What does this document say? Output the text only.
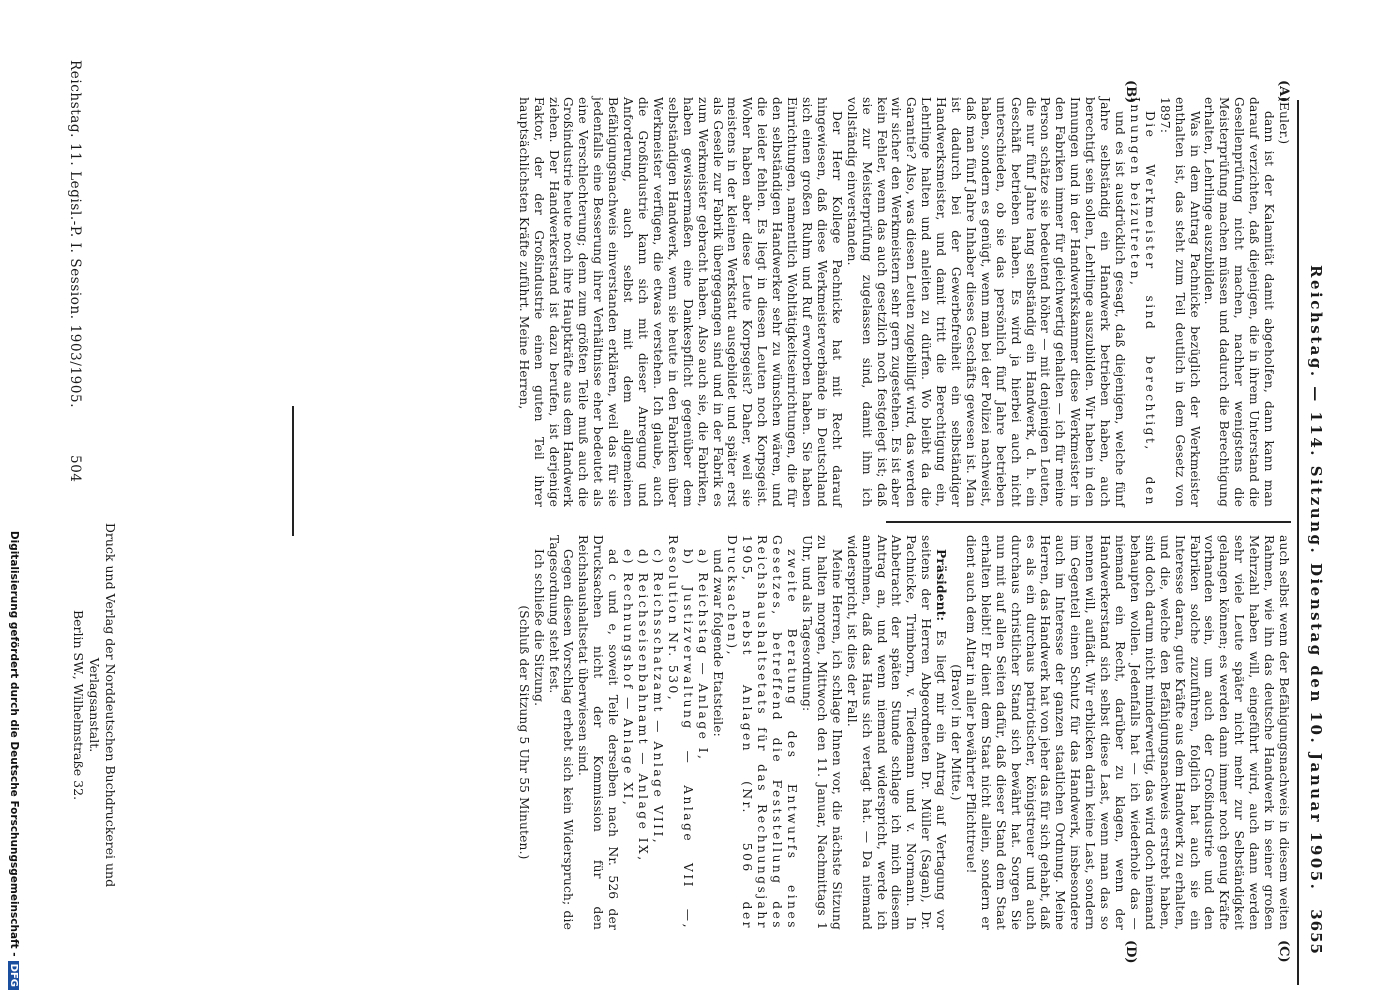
3655
Reichstag. — 114. Sitzung. Dienstag den 10. Januar 1905.
(A)
(B)
(C)
(D)

(Euler.)

dann ist der Kalamität damit abgeholfen, dann kann man darauf verzichten, daß diejenigen, die in ihrem Unterstand die Gesellenprüfung nicht machen, nachher wenigstens die Meisterprüfung machen müssen und dadurch die Berechtigung erhalten, Lehrlinge auszubilden.

Was in dem Antrag Pachnicke bezüglich der Werkmeister enthalten ist, das steht zum Teil deutlich in dem Gesetz von 1897:

Die Werkmeister sind berechtigt, den Innungen beizutreten,

und es ist ausdrücklich gesagt, daß diejenigen, welche fünf Jahre selbständig ein Handwerk betrieben haben, auch berechtigt sein sollen, Lehrlinge auszubilden. Wir haben in den Innungen und in der Handwerkskammer diese Werkmeister in den Fabriken immer für gleichwertig gehalten — ich für meine Person schätze sie bedeutend höher — mit denjenigen Leuten, die nur fünf Jahre lang selbständig ein Handwerk, d. h. ein Geschäft betrieben haben. Es wird ja hierbei auch nicht unterschieden, ob sie das persönlich fünf Jahre betrieben haben, sondern es genügt, wenn man bei der Polizei nachweist, daß man fünf Jahre Inhaber dieses Geschäfts gewesen ist. Man ist dadurch bei der Gewerbefreiheit ein selbständiger Handwerksmeister, und damit tritt die Berechtigung ein, Lehrlinge halten und anleiten zu dürfen. Wo bleibt da die Garantie? Also, was diesen Leuten zugebilligt wird, das werden wir sicher den Werkmeistern sehr gern zugestehen. Es ist aber kein Fehler, wenn das auch gesetzlich noch festgelegt ist; daß sie zur Meisterprüfung zugelassen sind, damit ihm ich vollständig einverstanden.

Der Herr Kollege Pachnicke hat mit Recht darauf hingewiesen, daß diese Werkmeisterverbände in Deutschland sich einen großen Ruhm und Ruf erworben haben. Sie haben Einrichtungen, namentlich Wohltätigkeitseinrichtungen, die für den selbständigen Handwerker sehr zu wünschen wären, und die leider fehlen. Es liegt in diesen Leuten noch Korpsgeist. Woher haben aber diese Leute Korpsgeist? Daher, weil sie meistens in der kleinen Werkstatt ausgebildet und später erst als Geselle zur Fabrik übergegangen sind und in der Fabrik es zum Werkmeister gebracht haben. Also auch sie, die Fabriken, haben gewissermaßen eine Dankespflicht gegenüber dem selbständigen Handwerk, wenn sie heute in den Fabriken über Werkmeister verfügen, die etwas verstehen. Ich glaube, auch die Großindustrie kann sich mit dieser Anregung und Anforderung, auch selbst mit dem allgemeinen Befähigungsnachweis einverstanden erklären, weil das für sie jedenfalls eine Besserung ihrer Verhältnisse eher bedeutet als eine Verschlechterung; denn zum größten Teile muß auch die Großindustrie heute noch ihre Hauptkräfte aus dem Handwerk ziehen. Der Handwerkerstand ist dazu berufen, ist derjenige Faktor, der der Großindustrie einen guten Teil ihrer hauptsächlichsten Kräfte zuführt. Meine Herren,

auch selbst wenn der Befähigungsnachweis in diesem weiten Rahmen, wie ihn das deutsche Handwerk in seiner großen Mehrzahl haben will, eingeführt wird, auch dann werden sehr viele Leute später nicht mehr zur Selbständigkeit gelangen können; es werden dann immer noch genug Kräfte vorhanden sein, um auch der Großindustrie und den Fabriken solche zuzuführen, folglich hat auch sie ein Interesse daran, gute Kräfte aus dem Handwerk zu erhalten, und die, welche den Befähigungsnachweis erstrebt haben, sind doch darum nicht minderwertig, das wird doch niemand behaupten wollen. Jedenfalls hat — ich wiederhole das — niemand ein Recht, darüber zu klagen, wenn der Handwerkerstand sich selbst diese Last, wenn man das so nennen will, auflädt. Wir erblicken darin keine Last, sondern im Gegenteil einen Schutz für das Handwerk, insbesondere auch im Interesse der ganzen staatlichen Ordnung. Meine Herren, das Handwerk hat von jeher das für sich gehabt, daß es als ein durchaus patriotischer, königstreuer und auch durchaus christlicher Stand sich bewährt hat. Sorgen Sie nun mit auf allen Seiten dafür, daß dieser Stand dem Staat erhalten bleibt! Er dient dem Staat nicht allein, sondern er dient auch dem Altar in aller bewährter Pflichttreue!

(Bravo! in der Mitte.)

Präsident: Es liegt mir ein Antrag auf Vertagung vor seitens der Herren Abgeordneten Dr. Müller (Sagan), Dr. Pachnicke, Trimborn, v. Tiedemann und v. Normann. In Anbetracht der späten Stunde schlage ich mich diesem Antrag an, und wenn niemand widerspricht, werde ich annehmen, daß das Haus sich vertagt hat. — Da niemand widerspricht, ist dies der Fall.

Meine Herren, ich schlage Ihnen vor, die nächste Sitzung zu halten morgen, Mittwoch den 11. Januar, Nachmittags 1 Uhr, und als Tagesordnung:

zweite Beratung des Entwurfs eines Gesetzes, betreffend die Feststellung des Reichshaushaltsetats für das Rechnungsjahr 1905, nebst Anlagen (Nr. 506 der Drucksachen),

und zwar folgende Etatsteile:

a) Reichstag — Anlage I,

b) Justizverwaltung — Anlage VII —, Resolution Nr. 530,

c) Reichsschatzamt — Anlage VIII,

d) Reichseisenbahnamt — Anlage IX,

e) Rechnungshof — Anlage XI,

ad c und e, soweit Teile derselben nach Nr. 526 der Drucksachen nicht der Kommission für den Reichshaushaltsetat überwiesen sind.

Gegen diesen Vorschlag erhebt sich kein Widerspruch; die Tagesordnung steht fest.

Ich schließe die Sitzung.

(Schluß der Sitzung 5 Uhr 55 Minuten.)

Druck und Verlag der Norddeutschen Buchdruckerei und Verlagsanstalt.
Berlin SW., Wilhelmstraße 32.
Reichstag. 11. Legisl.-P. I. Session. 1903/1905.
504
Digitalisierung gefördert durch die Deutsche Forschungsgemeinschaft -DFG
